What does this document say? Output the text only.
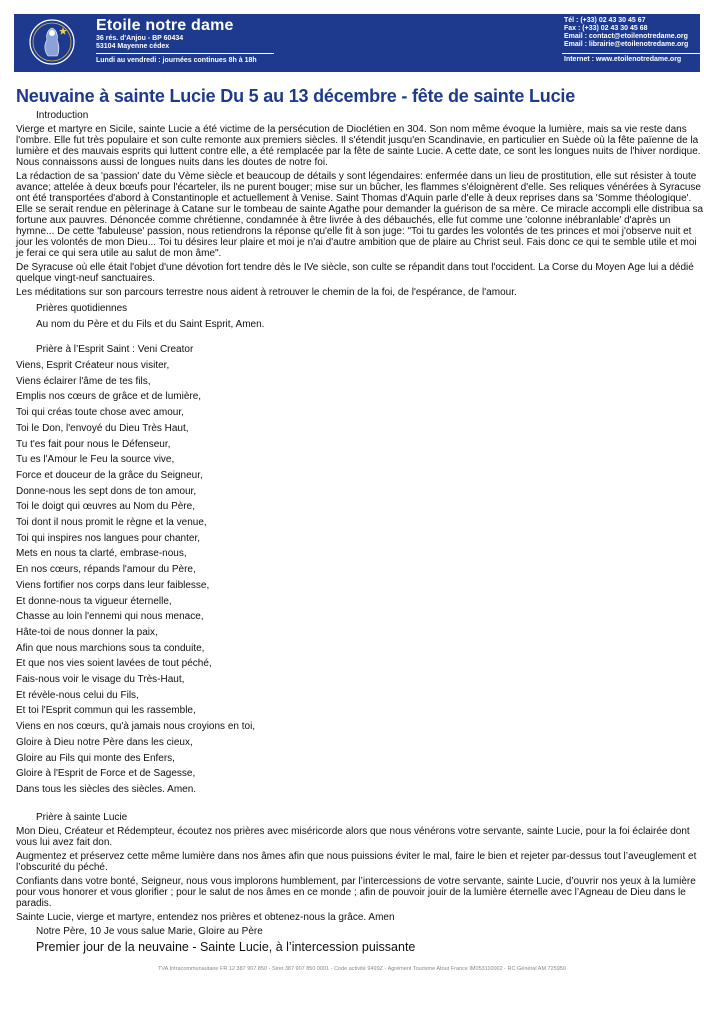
Etoile notre dame
36 rés. d'Anjou - BP 60434
53104 Mayenne cédex
Lundi au vendredi : journées continues 8h à 18h
Tél : (+33) 02 43 30 45 67
Fax : (+33) 02 43 30 45 68
Email : contact@etoilenotredame.org
Email : librairie@etoilenotredame.org
Internet : www.etoilenotredame.org
Neuvaine à sainte Lucie Du 5 au 13 décembre - fête de sainte Lucie

Introduction

Vierge et martyre en Sicile, sainte Lucie a été victime de la persécution de Dioclétien en 304. Son nom même évoque la lumière, mais sa vie reste dans l'ombre. Elle fut très populaire et son culte remonte aux premiers siècles. Il s'étendit jusqu'en Scandinavie, en particulier en Suède où la fête païenne de la lumière et des mauvais esprits qui luttent contre elle, a été remplacée par la fête de sainte Lucie. A cette date, ce sont les longues nuits de l'hiver nordique. Nous connaissons aussi de longues nuits dans les doutes de notre foi.

La rédaction de sa 'passion' date du Vème siècle et beaucoup de détails y sont légendaires: enfermée dans un lieu de prostitution, elle sut résister à toute avance; attelée à deux bœufs pour l'écarteler, ils ne purent bouger; mise sur un bûcher, les flammes s'éloignèrent d'elle. Ses reliques vénérées à Syracuse ont été transportées d'abord à Constantinople et actuellement à Venise. Saint Thomas d'Aquin parle d'elle à deux reprises dans sa 'Somme théologique'.

Elle se serait rendue en pèlerinage à Catane sur le tombeau de sainte Agathe pour demander la guérison de sa mère. Ce miracle accompli elle distribua sa fortune aux pauvres. Dénoncée comme chrétienne, condamnée à être livrée à des débauchés, elle fut comme une 'colonne inébranlable' d'après un hymne... De cette 'fabuleuse' passion, nous retiendrons la réponse qu'elle fit à son juge: "Toi tu gardes les volontés de tes princes et moi j'observe nuit et jour les volontés de mon Dieu... Toi tu désires leur plaire et moi je n'ai d'autre ambition que de plaire au Christ seul. Fais donc ce qui te semble utile et moi je ferai ce qui sera utile au salut de mon âme".

De Syracuse où elle était l'objet d'une dévotion fort tendre dès le IVe siècle, son culte se répandit dans tout l'occident. La Corse du Moyen Age lui a dédié quelque vingt-neuf sanctuaires.

Les méditations sur son parcours terrestre nous aident à retrouver le chemin de la foi, de l'espérance, de l'amour.

Prières quotidiennes

Au nom du Père et du Fils et du Saint Esprit, Amen.

Prière à l’Esprit Saint : Veni Creator

Viens, Esprit Créateur nous visiter,
Viens éclairer l'âme de tes fils,
Emplis nos cœurs de grâce et de lumière,
Toi qui créas toute chose avec amour,
Toi le Don, l'envoyé du Dieu Très Haut,
Tu t'es fait pour nous le Défenseur,
Tu es l'Amour le Feu la source vive,
Force et douceur de la grâce du Seigneur,
Donne-nous les sept dons de ton amour,
Toi le doigt qui œuvres au Nom du Père,
Toi dont il nous promit le règne et la venue,
Toi qui inspires nos langues pour chanter,
Mets en nous ta clarté, embrase-nous,
En nos cœurs, répands l'amour du Père,
Viens fortifier nos corps dans leur faiblesse,
Et donne-nous ta vigueur éternelle,
Chasse au loin l'ennemi qui nous menace,
Hâte-toi de nous donner la paix,
Afin que nous marchions sous ta conduite,
Et que nos vies soient lavées de tout péché,
Fais-nous voir le visage du Très-Haut,
Et révèle-nous celui du Fils,
Et toi l'Esprit commun qui les rassemble,
Viens en nos cœurs, qu'à jamais nous croyions en toi,
Gloire à Dieu notre Père dans les cieux,
Gloire au Fils qui monte des Enfers,
Gloire à l'Esprit de Force et de Sagesse,
Dans tous les siècles des siècles. Amen.

Prière à sainte Lucie

Mon Dieu, Créateur et Rédempteur, écoutez nos prières avec miséricorde alors que nous vénérons votre servante, sainte Lucie, pour la foi éclairée dont vous lui avez fait don.

Augmentez et préservez cette même lumière dans nos âmes afin que nous puissions éviter le mal, faire le bien et rejeter par-dessus tout l’aveuglement et l’obscurité du péché.

Confiants dans votre bonté, Seigneur, nous vous implorons humblement, par l’intercessions de votre servante, sainte Lucie, d’ouvrir nos yeux à la lumière pour vous honorer et vous glorifier ; pour le salut de nos âmes en ce monde ; afin de pouvoir jouir de la lumière éternelle avec l’Agneau de Dieu dans le paradis.

Sainte Lucie, vierge et martyre, entendez nos prières et obtenez-nous la grâce. Amen

Notre Père, 10 Je vous salue Marie, Gloire au Père

Premier jour de la neuvaine - Sainte Lucie, à l’intercession puissante

TVA Intracommunautaire FR 12 387 907 850 - Siret 387 907 850 0001 - Code activité 9499Z - Agrément Tourisme Atout France IM053110002 - RC Général AM 725950
